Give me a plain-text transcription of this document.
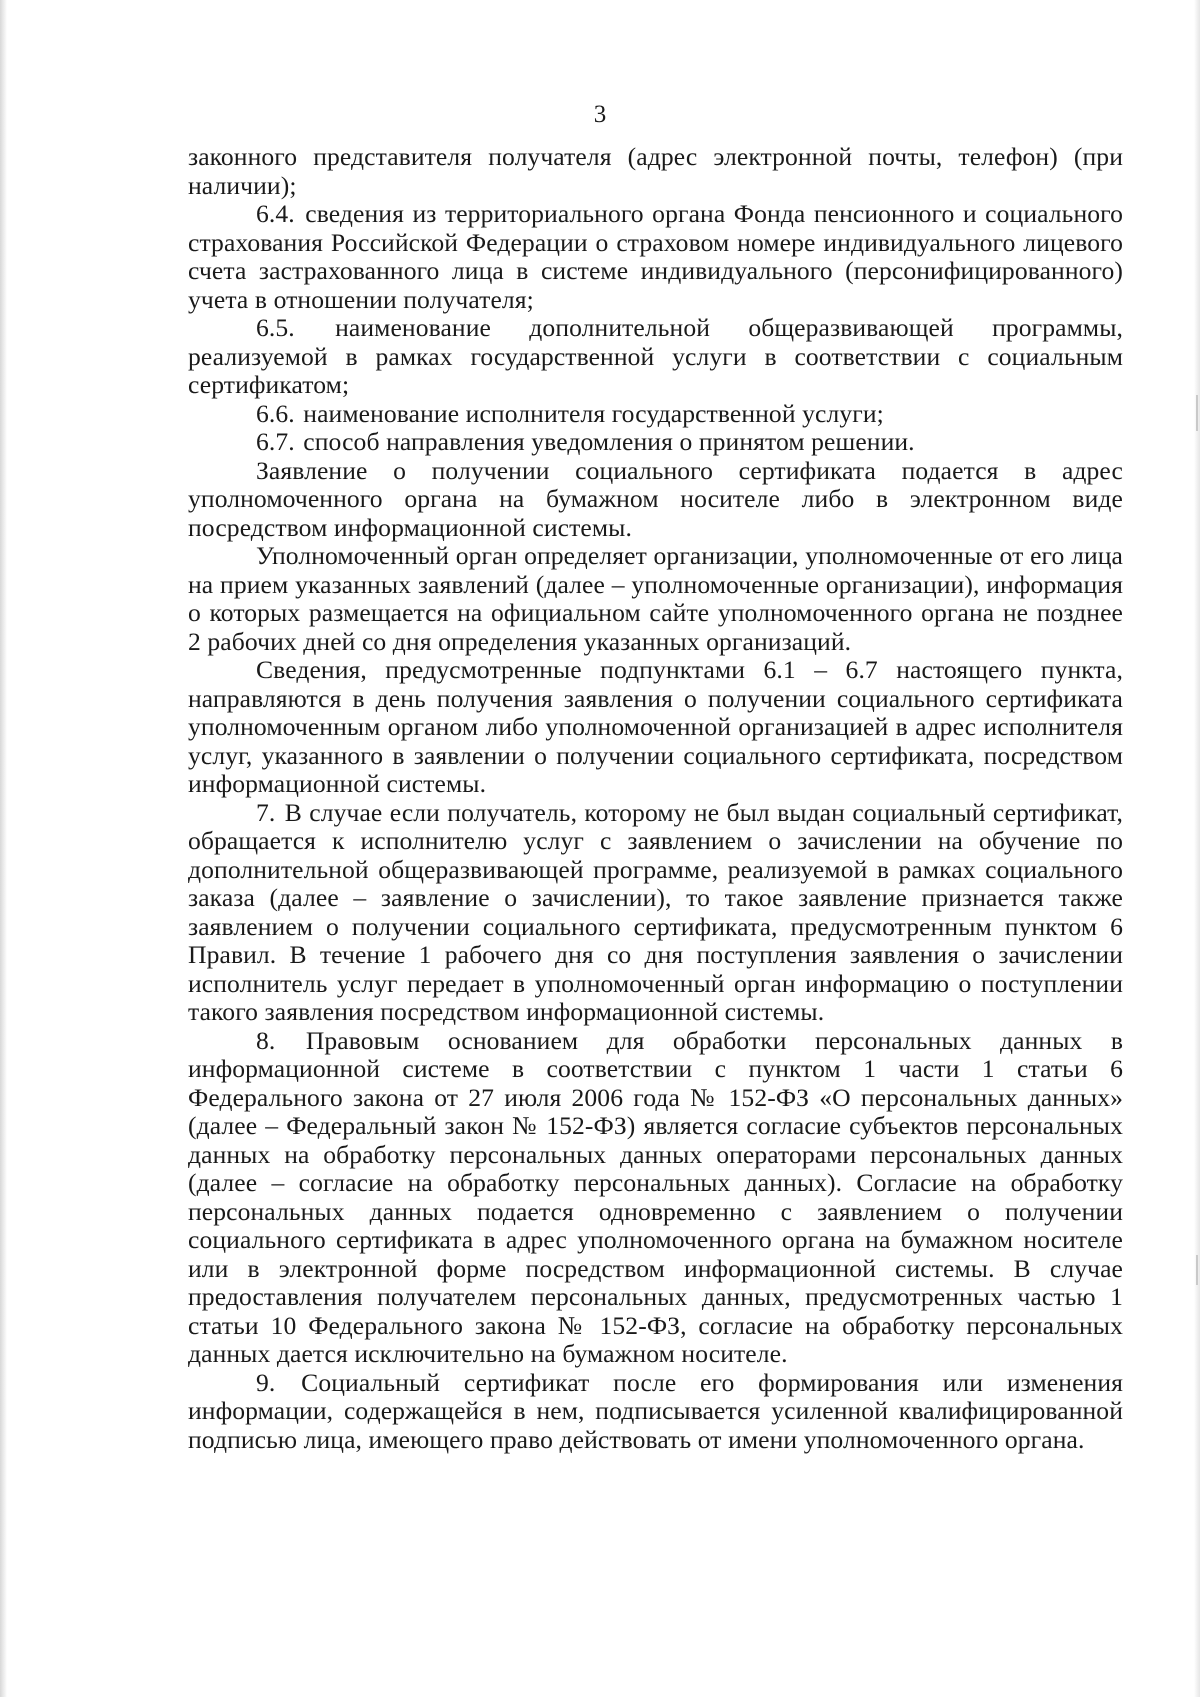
3

законного представителя получателя (адрес электронной почты, телефон) (при наличии);

6.4. сведения из территориального органа Фонда пенсионного и социального страхования Российской Федерации о страховом номере индивидуального лицевого счета застрахованного лица в системе индивидуального (персонифицированного) учета в отношении получателя;

6.5. наименование дополнительной общеразвивающей программы, реализуемой в рамках государственной услуги в соответствии с социальным сертификатом;

6.6. наименование исполнителя государственной услуги;

6.7. способ направления уведомления о принятом решении.

Заявление о получении социального сертификата подается в адрес уполномоченного органа на бумажном носителе либо в электронном виде посредством информационной системы.

Уполномоченный орган определяет организации, уполномоченные от его лица на прием указанных заявлений (далее – уполномоченные организации), информация о которых размещается на официальном сайте уполномоченного органа не позднее 2 рабочих дней со дня определения указанных организаций.

Сведения, предусмотренные подпунктами 6.1 – 6.7 настоящего пункта, направляются в день получения заявления о получении социального сертификата уполномоченным органом либо уполномоченной организацией в адрес исполнителя услуг, указанного в заявлении о получении социального сертификата, посредством информационной системы.

7. В случае если получатель, которому не был выдан социальный сертификат, обращается к исполнителю услуг с заявлением о зачислении на обучение по дополнительной общеразвивающей программе, реализуемой в рамках социального заказа (далее – заявление о зачислении), то такое заявление признается также заявлением о получении социального сертификата, предусмотренным пунктом 6 Правил. В течение 1 рабочего дня со дня поступления заявления о зачислении исполнитель услуг передает в уполномоченный орган информацию о поступлении такого заявления посредством информационной системы.

8. Правовым основанием для обработки персональных данных в информационной системе в соответствии с пунктом 1 части 1 статьи 6 Федерального закона от 27 июля 2006 года № 152-ФЗ «О персональных данных» (далее – Федеральный закон № 152-ФЗ) является согласие субъектов персональных данных на обработку персональных данных операторами персональных данных (далее – согласие на обработку персональных данных). Согласие на обработку персональных данных подается одновременно с заявлением о получении социального сертификата в адрес уполномоченного органа на бумажном носителе или в электронной форме посредством информационной системы. В случае предоставления получателем персональных данных, предусмотренных частью 1 статьи 10 Федерального закона № 152-ФЗ, согласие на обработку персональных данных дается исключительно на бумажном носителе.

9. Социальный сертификат после его формирования или изменения информации, содержащейся в нем, подписывается усиленной квалифицированной подписью лица, имеющего право действовать от имени уполномоченного органа.
